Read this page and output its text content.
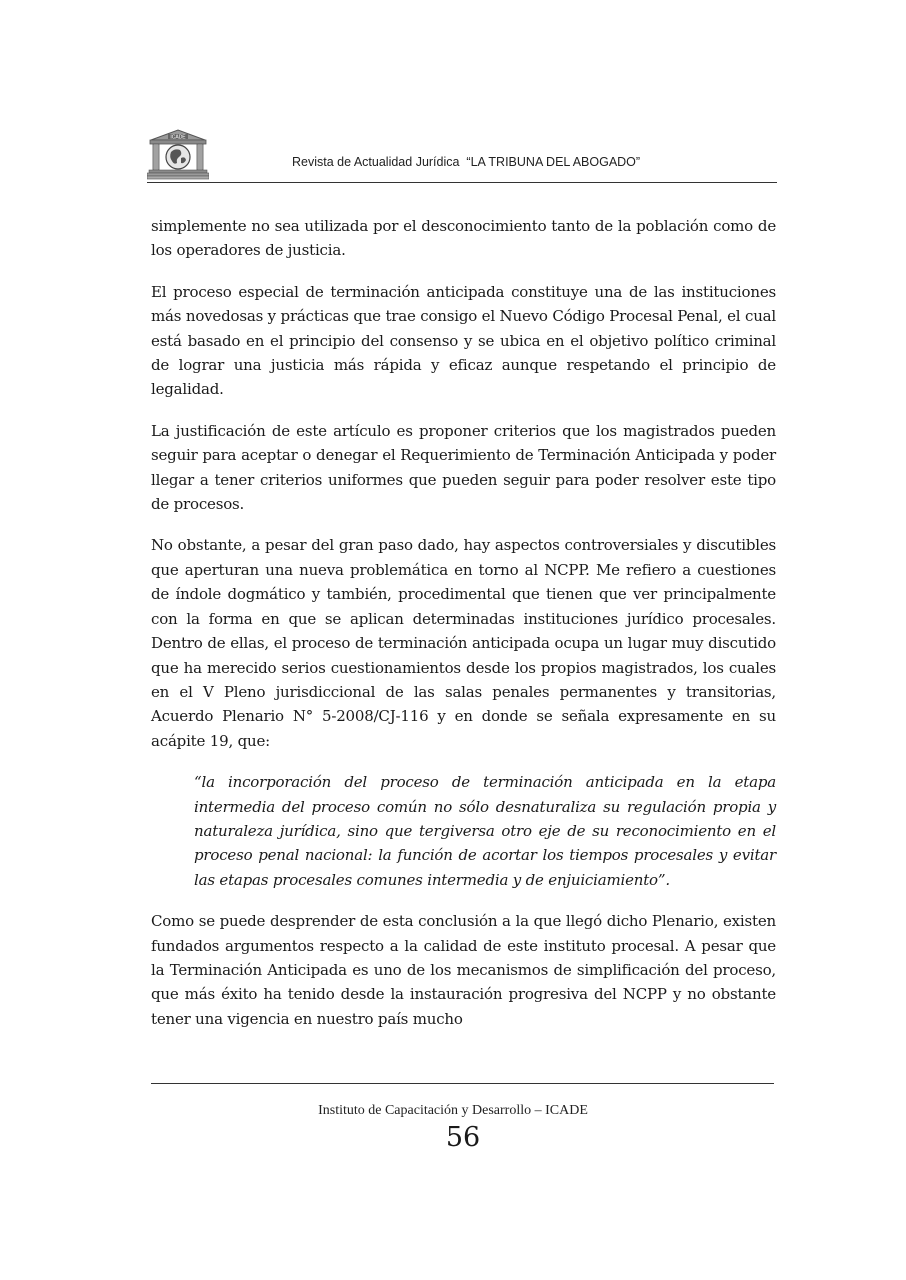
ICADE
Revista de Actualidad Jurídica  “LA TRIBUNA DEL ABOGADO”

simplemente no sea utilizada por el desconocimiento tanto de la población como de los operadores de justicia.

El proceso especial de terminación anticipada constituye una de las instituciones más novedosas y prácticas que trae consigo el Nuevo Código Procesal Penal, el cual está basado en el principio del consenso y se ubica en el objetivo político criminal de lograr una justicia más rápida y eficaz aunque respetando el principio de legalidad.

La justificación de este artículo es proponer criterios que los magistrados pueden seguir para aceptar o denegar el Requerimiento de Terminación Anticipada y poder llegar a tener criterios uniformes que pueden seguir para poder resolver este tipo de procesos.

No obstante, a pesar del gran paso dado, hay aspectos controversiales y discutibles que aperturan una nueva problemática en torno al NCPP. Me refiero a cuestiones de índole dogmático y también, procedimental que tienen que ver principalmente con la forma en que se aplican determinadas instituciones jurídico procesales. Dentro de ellas, el proceso de terminación anticipada ocupa un lugar muy discutido que ha merecido serios cuestionamientos desde los propios magistrados, los cuales en el V Pleno jurisdiccional de las salas penales permanentes y transitorias, Acuerdo Plenario N° 5-2008/CJ-116 y en donde se señala expresamente en su acápite 19, que:

“la incorporación del proceso de terminación anticipada en la etapa intermedia del proceso común no sólo desnaturaliza su regulación propia y naturaleza jurídica, sino que tergiversa otro eje de su reconocimiento en el proceso penal nacional: la función de acortar los tiempos procesales y evitar las etapas procesales comunes intermedia y de enjuiciamiento”.

Como se puede desprender de esta conclusión a la que llegó dicho Plenario, existen fundados argumentos respecto a la calidad de este instituto procesal. A pesar que la Terminación Anticipada es uno de los mecanismos de simplificación del proceso, que más éxito ha tenido desde la instauración progresiva del NCPP y no obstante tener una vigencia en nuestro país mucho

Instituto de Capacitación y Desarrollo – ICADE
56
